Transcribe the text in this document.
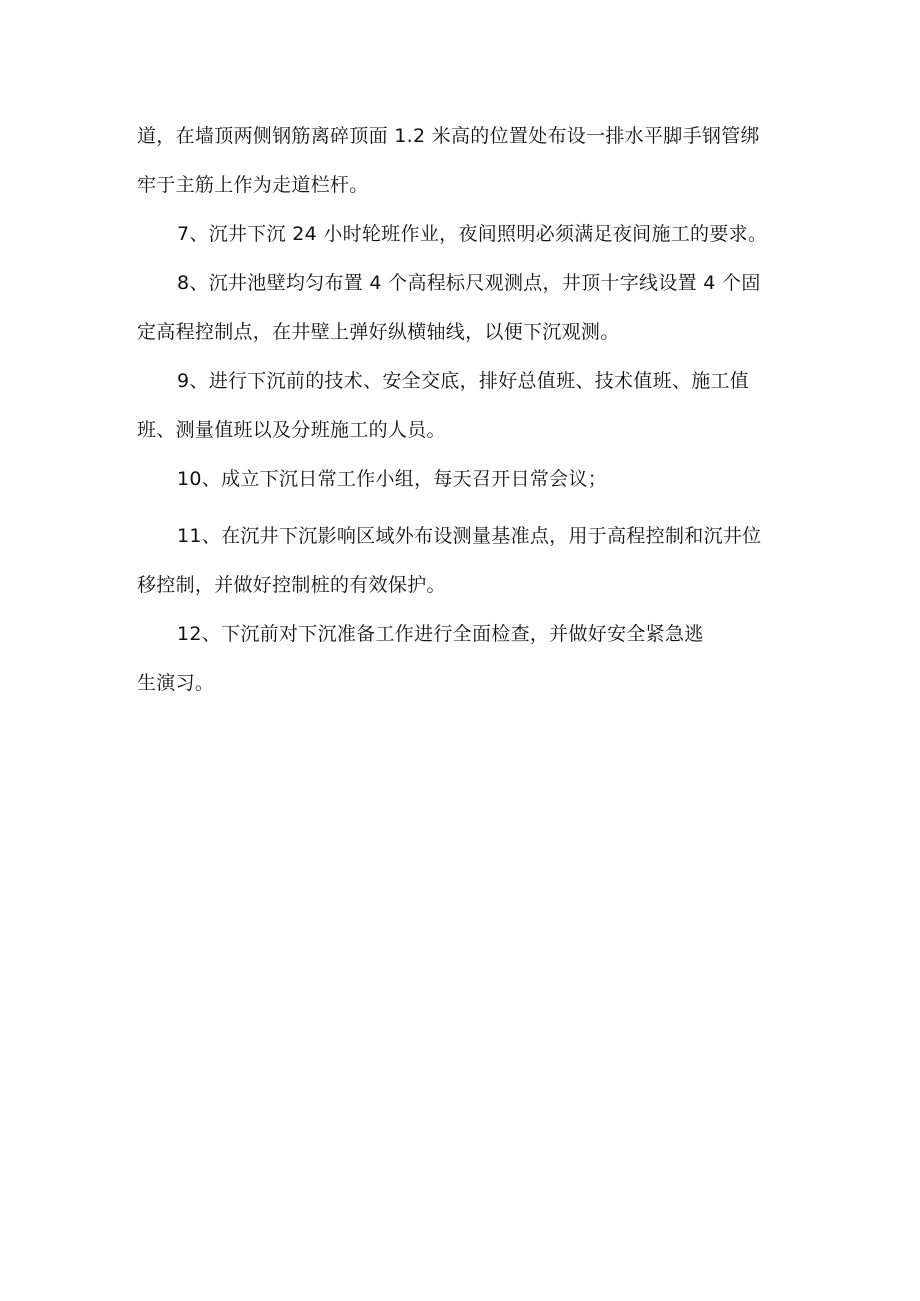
道，在墙顶两侧钢筋离碎顶面 1.2 米高的位置处布设一排水平脚手钢管绑
牢于主筋上作为走道栏杆。
7、沉井下沉 24 小时轮班作业，夜间照明必须满足夜间施工的要求。
8、沉井池壁均匀布置 4 个高程标尺观测点，井顶十字线设置 4 个固
定高程控制点，在井壁上弹好纵横轴线，以便下沉观测。
9、进行下沉前的技术、安全交底，排好总值班、技术值班、施工值
班、测量值班以及分班施工的人员。
10、成立下沉日常工作小组，每天召开日常会议；
11、在沉井下沉影响区域外布设测量基准点，用于高程控制和沉井位
移控制，并做好控制桩的有效保护。
12、下沉前对下沉准备工作进行全面检查，并做好安全紧急逃
生演习。
